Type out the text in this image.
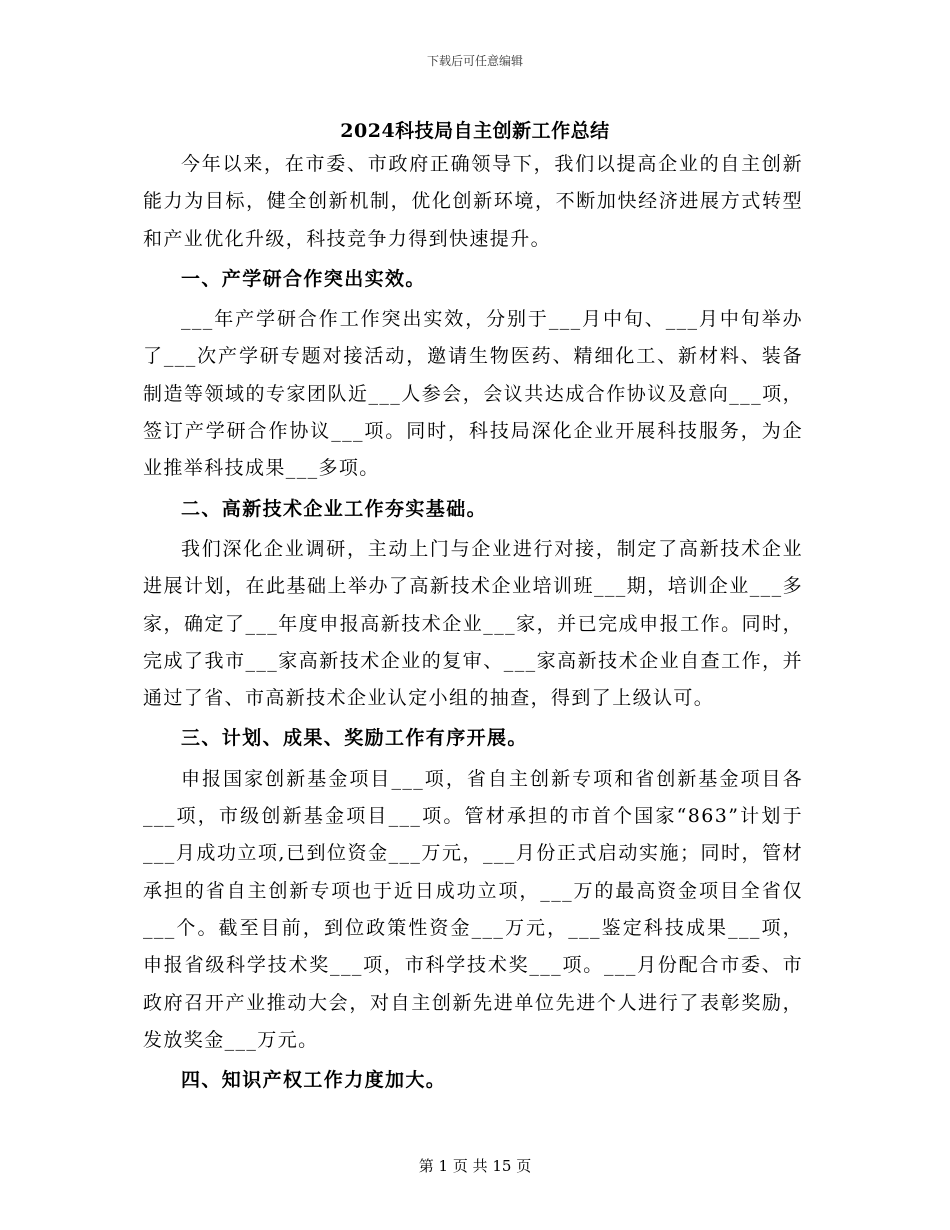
下载后可任意编辑
2024科技局自主创新工作总结

今年以来，在市委、市政府正确领导下，我们以提高企业的自主创新能力为目标，健全创新机制，优化创新环境，不断加快经济进展方式转型和产业优化升级，科技竞争力得到快速提升。

一、产学研合作突出实效。

___年产学研合作工作突出实效，分别于___月中旬、___月中旬举办了___次产学研专题对接活动，邀请生物医药、精细化工、新材料、装备制造等领域的专家团队近___人参会，会议共达成合作协议及意向___项，签订产学研合作协议___项。同时，科技局深化企业开展科技服务，为企业推举科技成果___多项。

二、高新技术企业工作夯实基础。

我们深化企业调研，主动上门与企业进行对接，制定了高新技术企业进展计划，在此基础上举办了高新技术企业培训班___期，培训企业___多家，确定了___年度申报高新技术企业___家，并已完成申报工作。同时，完成了我市___家高新技术企业的复审、___家高新技术企业自查工作，并通过了省、市高新技术企业认定小组的抽查，得到了上级认可。

三、计划、成果、奖励工作有序开展。

申报国家创新基金项目___项，省自主创新专项和省创新基金项目各___项，市级创新基金项目___项。管材承担的市首个国家“863”计划于___月成功立项,已到位资金___万元，___月份正式启动实施；同时，管材承担的省自主创新专项也于近日成功立项，___万的最高资金项目全省仅___个。截至目前，到位政策性资金___万元，___鉴定科技成果___项，申报省级科学技术奖___项，市科学技术奖___项。___月份配合市委、市政府召开产业推动大会，对自主创新先进单位先进个人进行了表彰奖励，发放奖金___万元。

四、知识产权工作力度加大。

第 1 页 共 15 页
